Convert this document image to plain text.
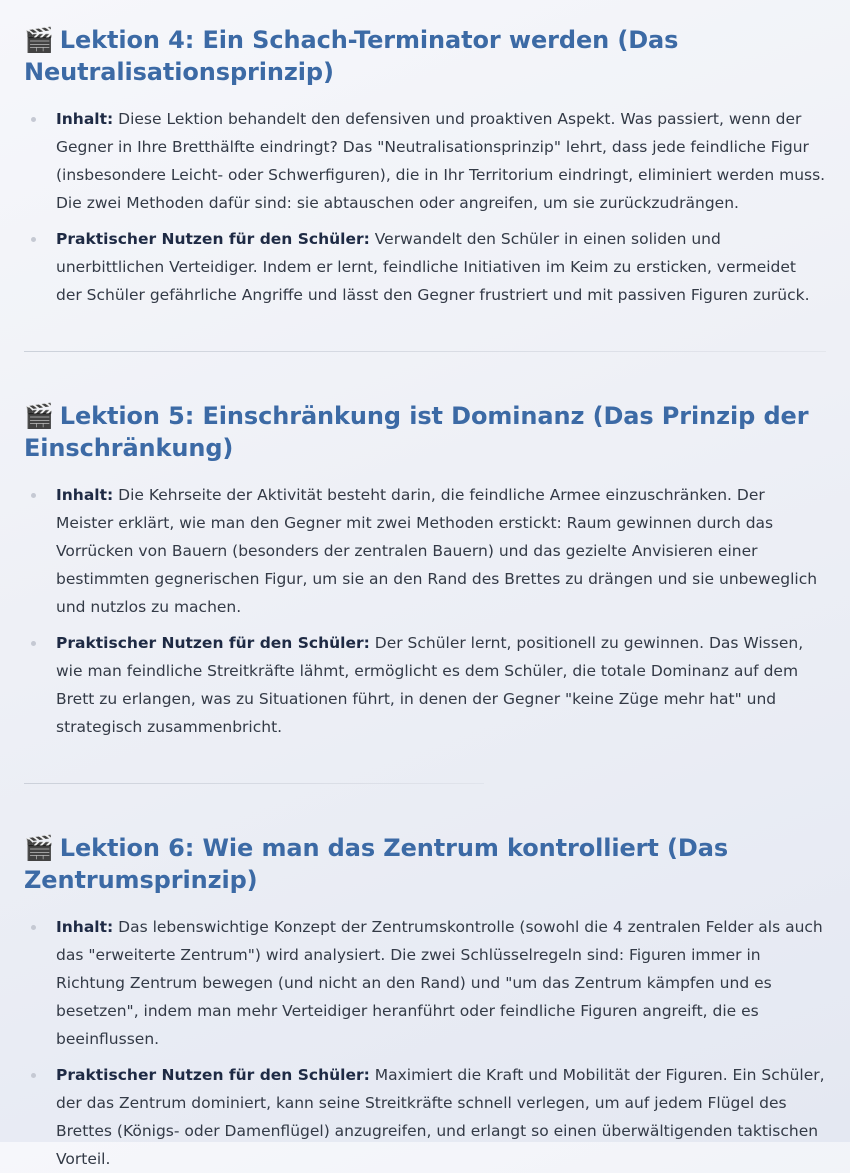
🎬 Lektion 4: Ein Schach-Terminator werden (Das Neutralisationsprinzip)
Inhalt: Diese Lektion behandelt den defensiven und proaktiven Aspekt. Was passiert, wenn der Gegner in Ihre Bretthälfte eindringt? Das "Neutralisationsprinzip" lehrt, dass jede feindliche Figur (insbesondere Leicht- oder Schwerfiguren), die in Ihr Territorium eindringt, eliminiert werden muss. Die zwei Methoden dafür sind: sie abtauschen oder angreifen, um sie zurückzudrängen.
Praktischer Nutzen für den Schüler: Verwandelt den Schüler in einen soliden und unerbittlichen Verteidiger. Indem er lernt, feindliche Initiativen im Keim zu ersticken, vermeidet der Schüler gefährliche Angriffe und lässt den Gegner frustriert und mit passiven Figuren zurück.
🎬 Lektion 5: Einschränkung ist Dominanz (Das Prinzip der Einschränkung)
Inhalt: Die Kehrseite der Aktivität besteht darin, die feindliche Armee einzuschränken. Der Meister erklärt, wie man den Gegner mit zwei Methoden erstickt: Raum gewinnen durch das Vorrücken von Bauern (besonders der zentralen Bauern) und das gezielte Anvisieren einer bestimmten gegnerischen Figur, um sie an den Rand des Brettes zu drängen und sie unbeweglich und nutzlos zu machen.
Praktischer Nutzen für den Schüler: Der Schüler lernt, positionell zu gewinnen. Das Wissen, wie man feindliche Streitkräfte lähmt, ermöglicht es dem Schüler, die totale Dominanz auf dem Brett zu erlangen, was zu Situationen führt, in denen der Gegner "keine Züge mehr hat" und strategisch zusammenbricht.
🎬 Lektion 6: Wie man das Zentrum kontrolliert (Das Zentrumsprinzip)
Inhalt: Das lebenswichtige Konzept der Zentrumskontrolle (sowohl die 4 zentralen Felder als auch das "erweiterte Zentrum") wird analysiert. Die zwei Schlüsselregeln sind: Figuren immer in Richtung Zentrum bewegen (und nicht an den Rand) und "um das Zentrum kämpfen und es besetzen", indem man mehr Verteidiger heranführt oder feindliche Figuren angreift, die es beeinflussen.
Praktischer Nutzen für den Schüler: Maximiert die Kraft und Mobilität der Figuren. Ein Schüler, der das Zentrum dominiert, kann seine Streitkräfte schnell verlegen, um auf jedem Flügel des Brettes (Königs- oder Damenflügel) anzugreifen, und erlangt so einen überwältigenden taktischen Vorteil.
